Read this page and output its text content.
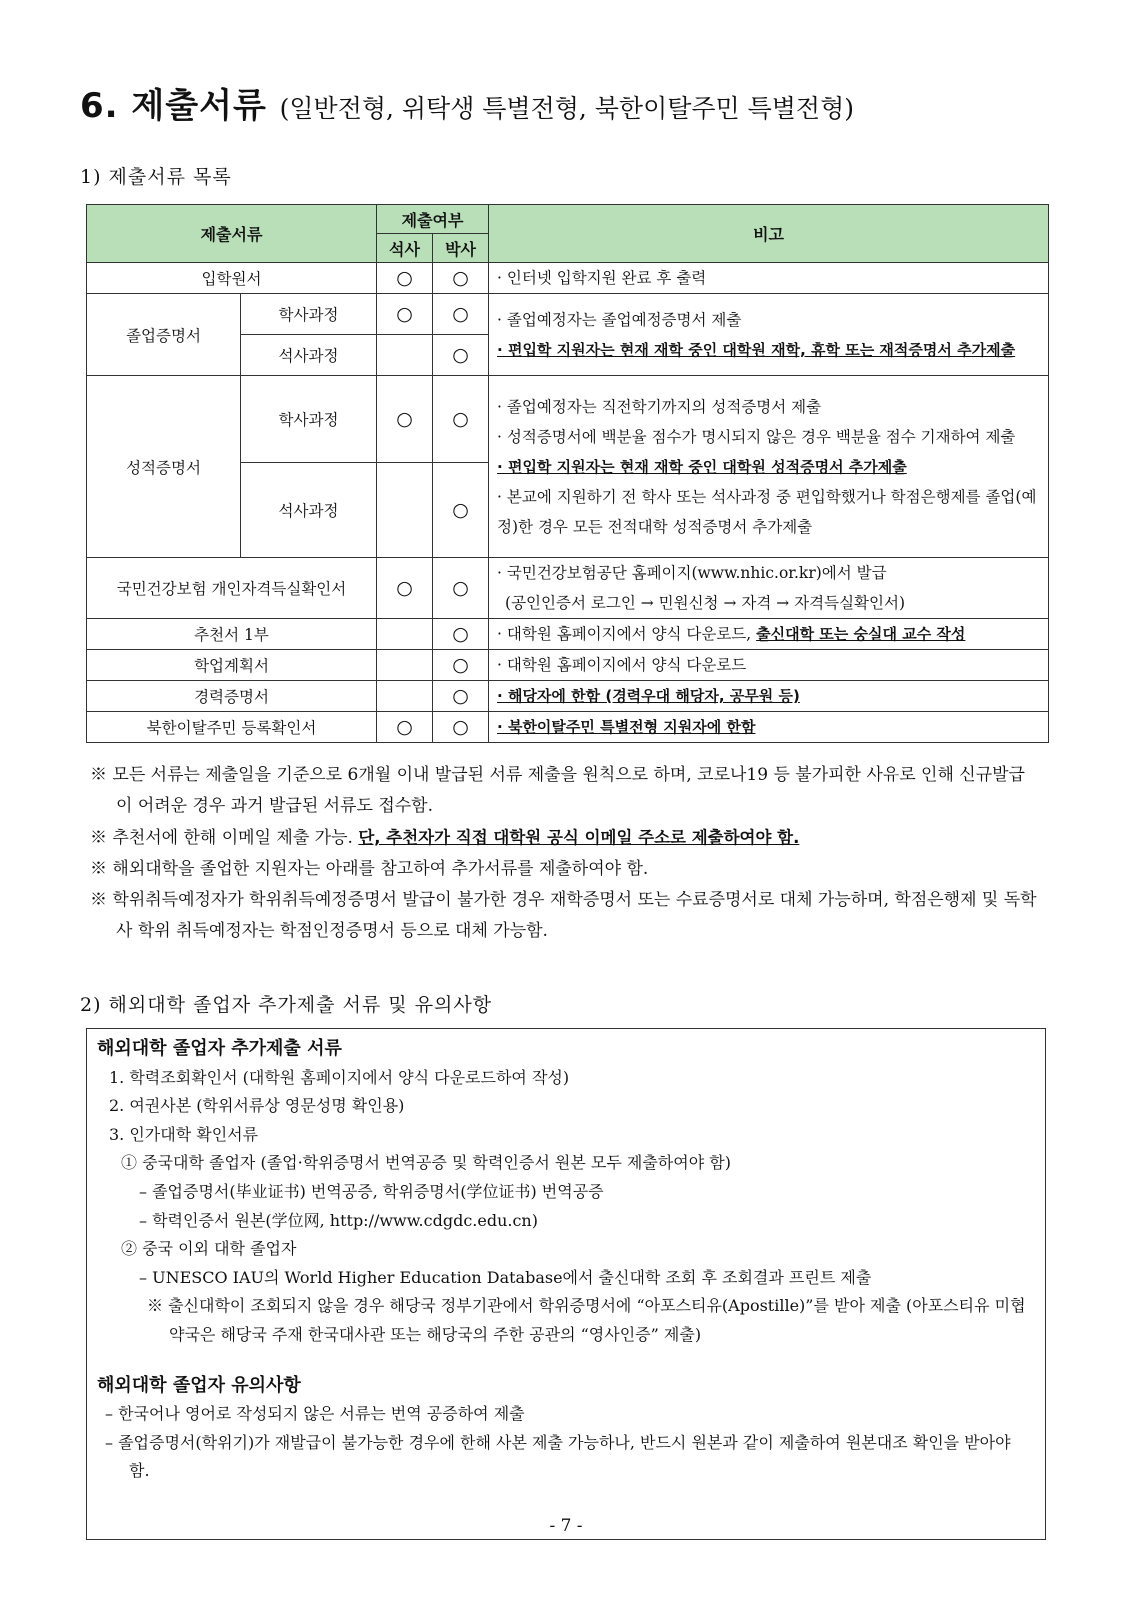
6. 제출서류 (일반전형, 위탁생 특별전형, 북한이탈주민 특별전형)
1) 제출서류 목록
제출서류		제출여부		비고
		석사	박사	
입학원서		○	○	· 인터넷 입학지원 완료 후 출력

졸업증명서	학사과정	○	○	· 졸업예정자는 졸업예정증명서 제출
· 편입학 지원자는 현재 재학 중인 대학원 재학, 휴학 또는 재적증명서 추가제출

	석사과정		○	
성적증명서	학사과정	○	○	· 졸업예정자는 직전학기까지의 성적증명서 제출
· 성적증명서에 백분율 점수가 명시되지 않은 경우 백분율 점수 기재하여 제출
· 편입학 지원자는 현재 재학 중인 대학원 성적증명서 추가제출
· 본교에 지원하기 전 학사 또는 석사과정 중 편입학했거나 학점은행제를 졸업(예정)한 경우 모든 전적대학 성적증명서 추가제출

	석사과정		○	
국민건강보험 개인자격득실확인서		○	○	· 국민건강보험공단 홈페이지(www.nhic.or.kr)에서 발급
(공인인증서 로그인 → 민원신청 → 자격 → 자격득실확인서)

추천서 1부			○	· 대학원 홈페이지에서 양식 다운로드, 출신대학 또는 숭실대 교수 작성

학업계획서			○	· 대학원 홈페이지에서 양식 다운로드

경력증명서			○	· 해당자에 한함 (경력우대 해당자, 공무원 등)

북한이탈주민 등록확인서		○	○	· 북한이탈주민 특별전형 지원자에 한함
※ 모든 서류는 제출일을 기준으로 6개월 이내 발급된 서류 제출을 원칙으로 하며, 코로나19 등 불가피한 사유로 인해 신규발급이 어려운 경우 과거 발급된 서류도 접수함.
※ 추천서에 한해 이메일 제출 가능. 단, 추천자가 직접 대학원 공식 이메일 주소로 제출하여야 함.
※ 해외대학을 졸업한 지원자는 아래를 참고하여 추가서류를 제출하여야 함.
※ 학위취득예정자가 학위취득예정증명서 발급이 불가한 경우 재학증명서 또는 수료증명서로 대체 가능하며, 학점은행제 및 독학사 학위 취득예정자는 학점인정증명서 등으로 대체 가능함.
2) 해외대학 졸업자 추가제출 서류 및 유의사항
해외대학 졸업자 추가제출 서류
1. 학력조회확인서 (대학원 홈페이지에서 양식 다운로드하여 작성)
2. 여권사본 (학위서류상 영문성명 확인용)
3. 인가대학 확인서류
① 중국대학 졸업자 (졸업·학위증명서 번역공증 및 학력인증서 원본 모두 제출하여야 함)
– 졸업증명서(毕业证书) 번역공증, 학위증명서(学位证书) 번역공증
– 학력인증서 원본(学位网, http://www.cdgdc.edu.cn)
② 중국 이외 대학 졸업자
– UNESCO IAU의 World Higher Education Database에서 출신대학 조회 후 조회결과 프린트 제출
※ 출신대학이 조회되지 않을 경우 해당국 정부기관에서 학위증명서에 “아포스티유(Apostille)”를 받아 제출 (아포스티유 미협약국은 해당국 주재 한국대사관 또는 해당국의 주한 공관의 “영사인증” 제출)
해외대학 졸업자 유의사항
– 한국어나 영어로 작성되지 않은 서류는 번역 공증하여 제출
– 졸업증명서(학위기)가 재발급이 불가능한 경우에 한해 사본 제출 가능하나, 반드시 원본과 같이 제출하여 원본대조 확인을 받아야 함.
- 7 -
